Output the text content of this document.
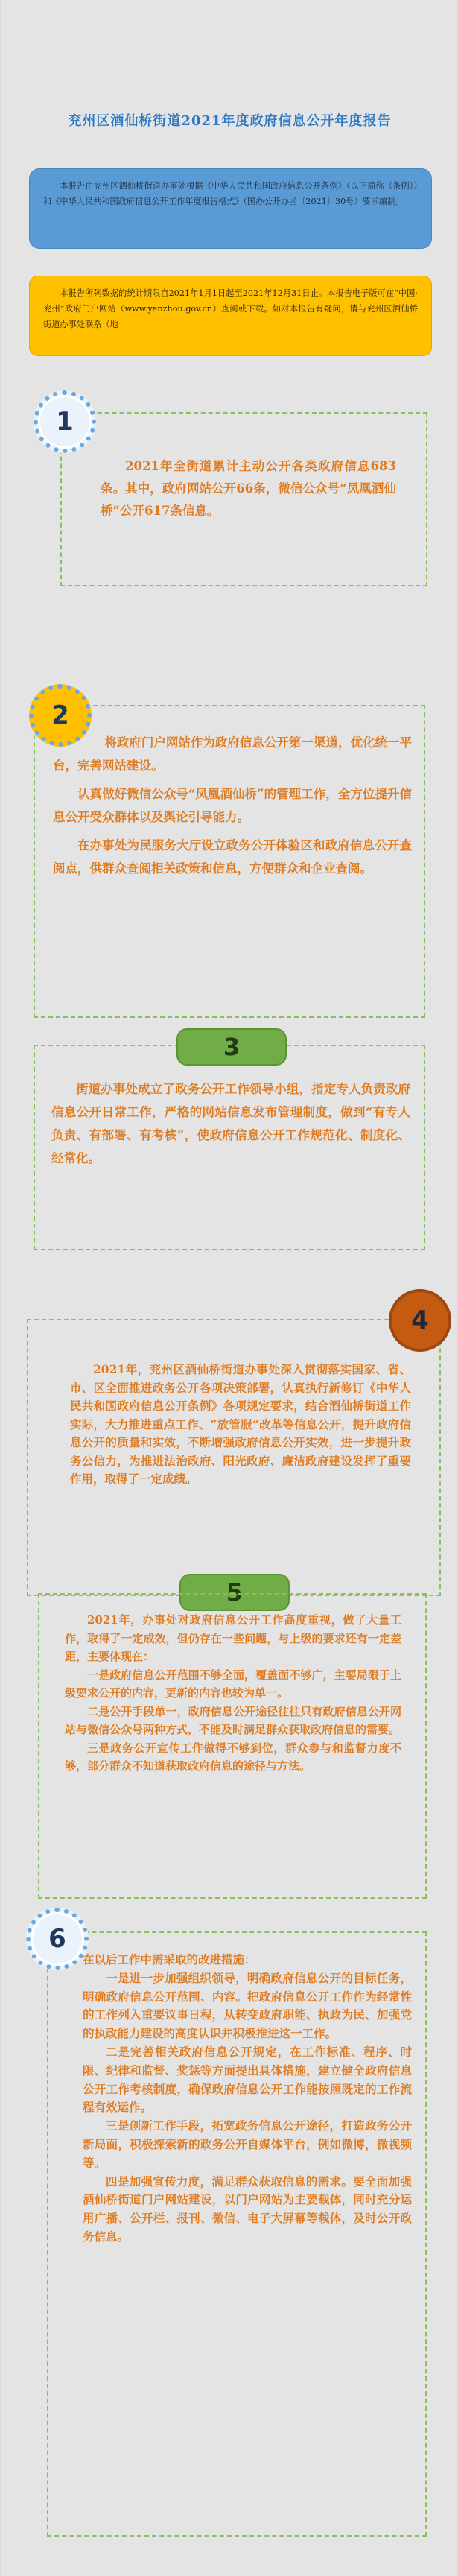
兖州区酒仙桥街道2021年度政府信息公开年度报告
本报告由兖州区酒仙桥街道办事处根据《中华人民共和国政府信息公开条例》（以下简称《条例》）和《中华人民共和国政府信息公开工作年度报告格式》（国办公开办函〔2021〕30号）要求编制。
本报告所列数据的统计期限自2021年1月1日起至2021年12月31日止。本报告电子版可在“中国·兖州”政府门户网站（www.yanzhou.gov.cn）查阅或下载。如对本报告有疑问，请与兖州区酒仙桥街道办事处联系（地

2021年全街道累计主动公开各类政府信息683条。其中，政府网站公开66条，微信公众号“凤凰酒仙桥”公开617条信息。

1

将政府门户网站作为政府信息公开第一渠道，优化统一平台，完善网站建设。

认真做好微信公众号“凤凰酒仙桥”的管理工作，全方位提升信息公开受众群体以及舆论引导能力。

在办事处为民服务大厅设立政务公开体验区和政府信息公开查阅点，供群众查阅相关政策和信息，方便群众和企业查阅。

2

街道办事处成立了政务公开工作领导小组，指定专人负责政府信息公开日常工作，严格的网站信息发布管理制度，做到“有专人负责、有部署、有考核”，使政府信息公开工作规范化、制度化、经常化。

3

2021年，兖州区酒仙桥街道办事处深入贯彻落实国家、省、市、区全面推进政务公开各项决策部署，认真执行新修订《中华人民共和国政府信息公开条例》各项规定要求，结合酒仙桥街道工作实际，大力推进重点工作、“放管服”改革等信息公开，提升政府信息公开的质量和实效，不断增强政府信息公开实效，进一步提升政务公信力，为推进法治政府、阳光政府、廉洁政府建设发挥了重要作用，取得了一定成绩。

4
5

2021年，办事处对政府信息公开工作高度重视，做了大量工作，取得了一定成效，但仍存在一些问题，与上级的要求还有一定差距，主要体现在：

一是政府信息公开范围不够全面，覆盖面不够广，主要局限于上级要求公开的内容，更新的内容也较为单一。

二是公开手段单一，政府信息公开途径往往只有政府信息公开网站与微信公众号两种方式，不能及时满足群众获取政府信息的需要。

三是政务公开宣传工作做得不够到位，群众参与和监督力度不够，部分群众不知道获取政府信息的途径与方法。

在以后工作中需采取的改进措施：

一是进一步加强组织领导，明确政府信息公开的目标任务，明确政府信息公开范围、内容。把政府信息公开工作作为经常性的工作列入重要议事日程，从转变政府职能、执政为民、加强党的执政能力建设的高度认识并积极推进这一工作。

二是完善相关政府信息公开规定，在工作标准、程序、时限、纪律和监督、奖惩等方面提出具体措施，建立健全政府信息公开工作考核制度，确保政府信息公开工作能按照既定的工作流程有效运作。

三是创新工作手段，拓宽政务信息公开途径，打造政务公开新局面，积极探索新的政务公开自媒体平台，例如微博，微视频等。

四是加强宣传力度，满足群众获取信息的需求。要全面加强酒仙桥街道门户网站建设，以门户网站为主要载体，同时充分运用广播、公开栏、报刊、微信、电子大屏幕等载体，及时公开政务信息。

6
